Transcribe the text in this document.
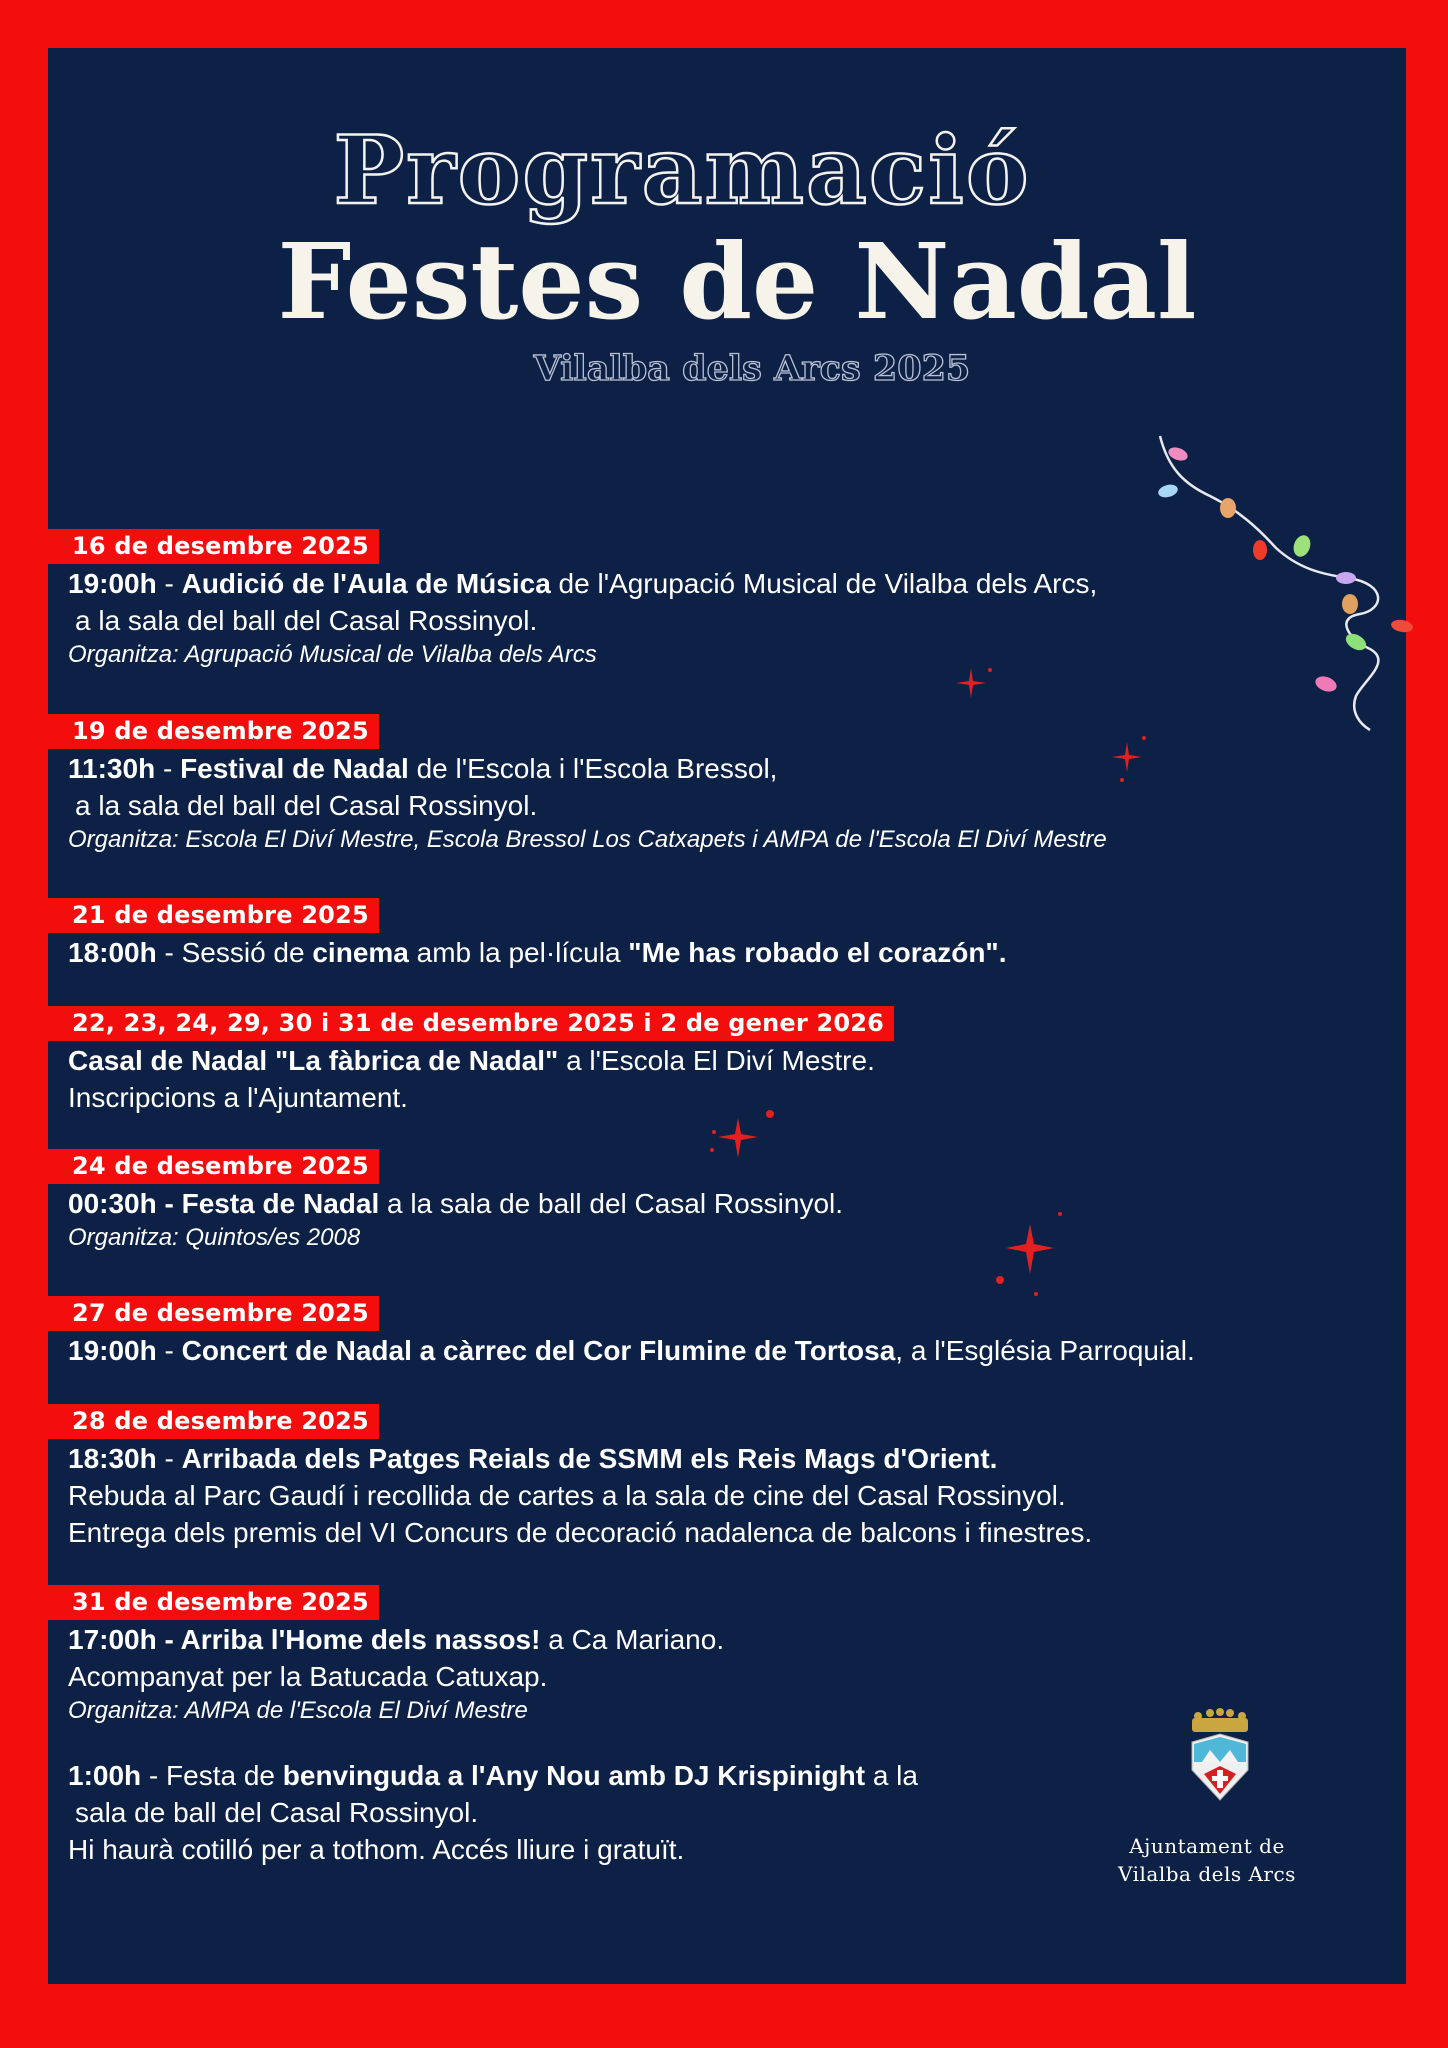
Programació
Festes de Nadal
Vilalba dels Arcs 2025
16 de desembre 2025
19:00h - Audició de l'Aula de Música de l'Agrupació Musical de Vilalba dels Arcs,
a la sala del ball del Casal Rossinyol.
Organitza: Agrupació Musical de Vilalba dels Arcs
19 de desembre 2025
11:30h - Festival de Nadal de l'Escola i l'Escola Bressol,
a la sala del ball del Casal Rossinyol.
Organitza: Escola El Diví Mestre, Escola Bressol Los Catxapets i AMPA de l'Escola El Diví Mestre
21 de desembre 2025
18:00h - Sessió de cinema amb la pel·lícula "Me has robado el corazón".
22, 23, 24, 29, 30 i 31 de desembre 2025 i 2 de gener 2026
Casal de Nadal "La fàbrica de Nadal" a l'Escola El Diví Mestre.
Inscripcions a l'Ajuntament.
24 de desembre 2025
00:30h - Festa de Nadal a la sala de ball del Casal Rossinyol.
Organitza: Quintos/es 2008
27 de desembre 2025
19:00h - Concert de Nadal a càrrec del Cor Flumine de Tortosa, a l'Església Parroquial.
28 de desembre 2025
18:30h - Arribada dels Patges Reials de SSMM els Reis Mags d'Orient.
Rebuda al Parc Gaudí i recollida de cartes a la sala de cine del Casal Rossinyol.
Entrega dels premis del VI Concurs de decoració nadalenca de balcons i finestres.
31 de desembre 2025
17:00h - Arriba l'Home dels nassos! a Ca Mariano.
Acompanyat per la Batucada Catuxap.
Organitza: AMPA de l'Escola El Diví Mestre
1:00h - Festa de benvinguda a l'Any Nou amb DJ Krispinight a la
sala de ball del Casal Rossinyol.
Hi haurà cotilló per a tothom. Accés lliure i gratuït.	Ajuntament de
Vilalba dels Arcs
